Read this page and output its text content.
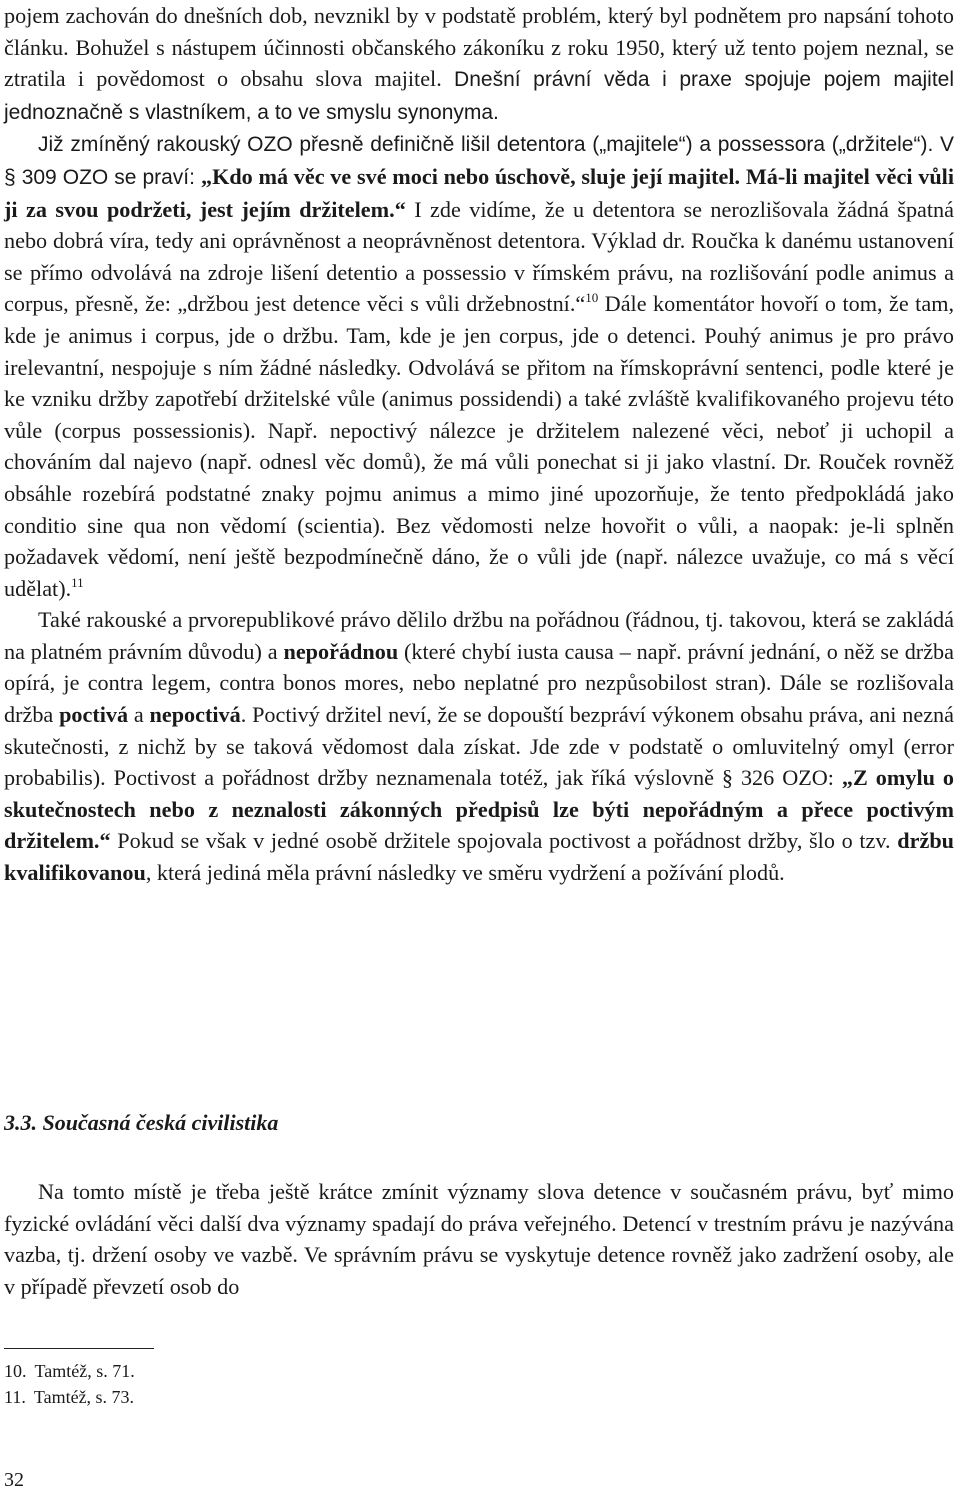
pojem zachován do dnešních dob, nevznikl by v podstatě problém, který byl podnětem pro napsání tohoto článku. Bohužel s nástupem účinnosti občanského zákoníku z roku 1950, který už tento pojem neznal, se ztratila i povědomost o obsahu slova majitel. Dnešní právní věda i praxe spojuje pojem majitel jednoznačně s vlastníkem, a to ve smyslu synonyma.

Již zmíněný rakouský OZO přesně definičně lišil detentora („majitele“) a possessora („držitele“). V § 309 OZO se praví: „Kdo má věc ve své moci nebo úschově, sluje její majitel. Má-li majitel věci vůli ji za svou podržeti, jest jejím držitelem.“ I zde vidíme, že u detentora se nerozlišovala žádná špatná nebo dobrá víra, tedy ani oprávněnost a neoprávněnost detentora. Výklad dr. Roučka k danému ustanovení se přímo odvolává na zdroje lišení detentio a possessio v římském právu, na rozlišování podle animus a corpus, přesně, že: „držbou jest detence věci s vůli držebnostní.“$^{10}$ Dále komentátor hovoří o tom, že tam, kde je animus i corpus, jde o držbu. Tam, kde je jen corpus, jde o detenci. Pouhý animus je pro právo irelevantní, nespojuje s ním žádné následky. Odvolává se přitom na římskoprávní sentenci, podle které je ke vzniku držby zapotřebí držitelské vůle (animus possidendi) a také zvláště kvalifikovaného projevu této vůle (corpus possessionis). Např. nepoctivý nálezce je držitelem nalezené věci, neboť ji uchopil a chováním dal najevo (např. odnesl věc domů), že má vůli ponechat si ji jako vlastní. Dr. Rouček rovněž obsáhle rozebírá podstatné znaky pojmu animus a mimo jiné upozorňuje, že tento předpokládá jako conditio sine qua non vědomí (scientia). Bez vědomosti nelze hovořit o vůli, a naopak: je-li splněn požadavek vědomí, není ještě bezpodmínečně dáno, že o vůli jde (např. nálezce uvažuje, co má s věcí udělat).$^{11}$

Také rakouské a prvorepublikové právo dělilo držbu na pořádnou (řádnou, tj. takovou, která se zakládá na platném právním důvodu) a nepořádnou (které chybí iusta causa – např. právní jednání, o něž se držba opírá, je contra legem, contra bonos mores, nebo neplatné pro nezpůsobilost stran). Dále se rozlišovala držba poctivá a nepoctivá. Poctivý držitel neví, že se dopouští bezpráví výkonem obsahu práva, ani nezná skutečnosti, z nichž by se taková vědomost dala získat. Jde zde v podstatě o omluvitelný omyl (error probabilis). Poctivost a pořádnost držby neznamenala totéž, jak říká výslovně § 326 OZO: „Z omylu o skutečnostech nebo z neznalosti zákonných předpisů lze býti nepořádným a přece poctivým držitelem.“ Pokud se však v jedné osobě držitele spojovala poctivost a pořádnost držby, šlo o tzv. držbu kvalifikovanou, která jediná měla právní následky ve směru vydržení a požívání plodů.

3.3. Současná česká civilistika

Na tomto místě je třeba ještě krátce zmínit významy slova detence v současném právu, byť mimo fyzické ovládání věci další dva významy spadají do práva veřejného. Detencí v trestním právu je nazývána vazba, tj. držení osoby ve vazbě. Ve správním právu se vyskytuje detence rovněž jako zadržení osoby, ale v případě převzetí osob do

10. Tamtéž, s. 71.
11. Tamtéž, s. 73.
32
